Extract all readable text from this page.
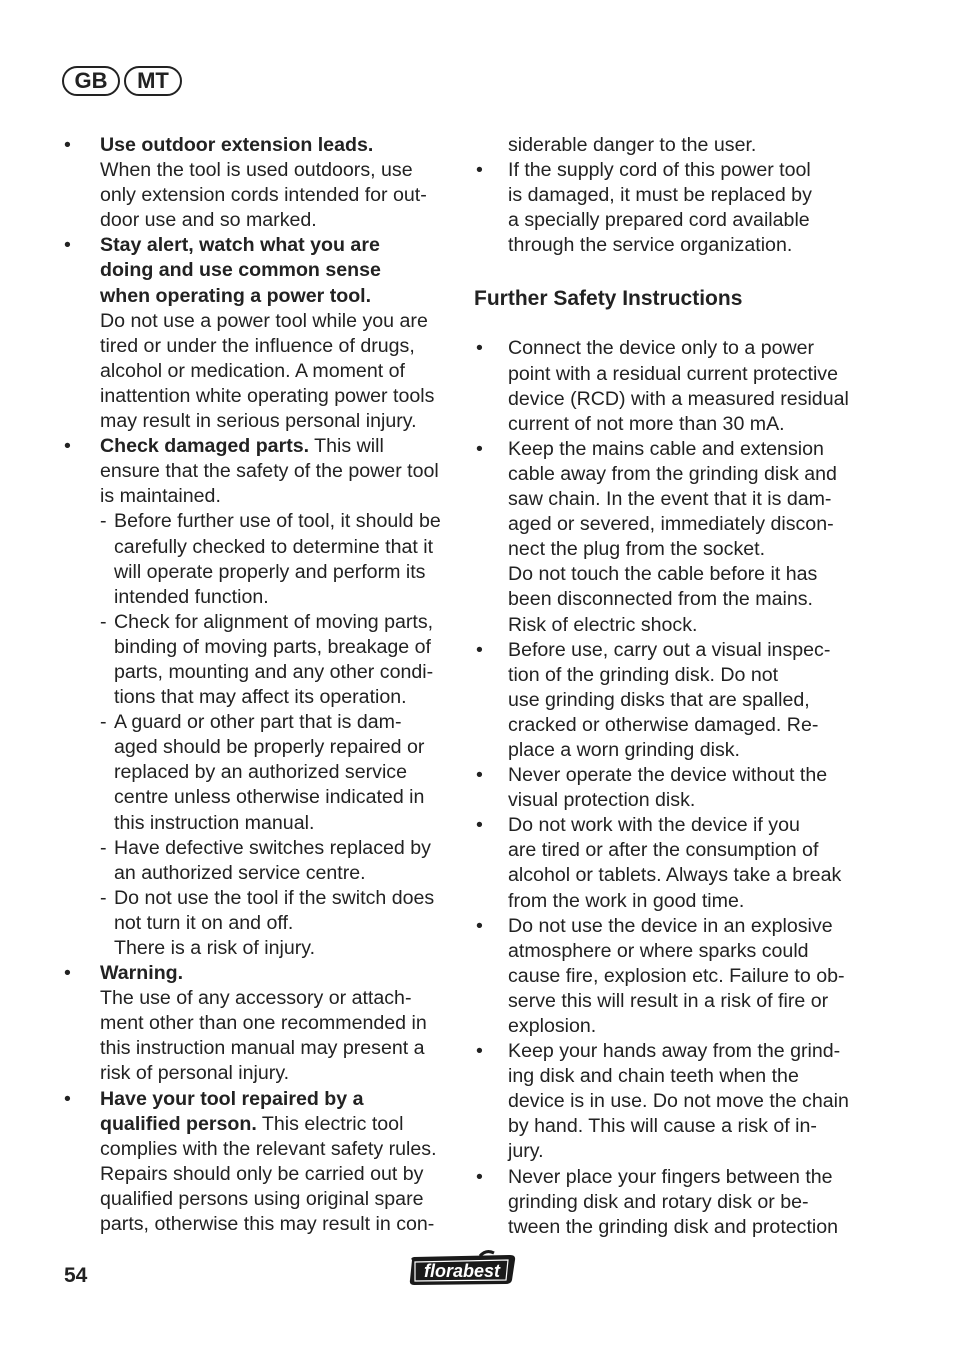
GB	MT
• Use outdoor extension leads.
When the tool is used outdoors, use
only extension cords intended for out-
door use and so marked.
• Stay alert, watch what you are
doing and use common sense
when operating a power tool.
Do not use a power tool while you are
tired or under the influence of drugs,
alcohol or medication. A moment of
inattention white operating power tools
may result in serious personal injury.
• Check damaged parts. This will
ensure that the safety of the power tool
is maintained.
- Before further use of tool, it should be
carefully checked to determine that it
will operate properly and perform its
intended function.
- Check for alignment of moving parts,
binding of moving parts, breakage of
parts, mounting and any other condi-
tions that may affect its operation.
- A guard or other part that is dam-
aged should be properly repaired or
replaced by an authorized service
centre unless otherwise indicated in
this instruction manual.
- Have defective switches replaced by
an authorized service centre.
- Do not use the tool if the switch does
not turn it on and off.
There is a risk of injury.
• Warning.
The use of any accessory or attach-
ment other than one recommended in
this instruction manual may present a
risk of personal injury.
• Have your tool repaired by a
qualified person. This electric tool
complies with the relevant safety rules.
Repairs should only be carried out by
qualified persons using original spare
parts, otherwise this may result in con-
siderable danger to the user.
• If the supply cord of this power tool
is damaged, it must be replaced by
a specially prepared cord available
through the service organization.
Further Safety Instructions
• Connect the device only to a power
point with a residual current protective
device (RCD) with a measured residual
current of not more than 30 mA.
• Keep the mains cable and extension
cable away from the grinding disk and
saw chain. In the event that it is dam-
aged or severed, immediately discon-
nect the plug from the socket.
Do not touch the cable before it has
been disconnected from the mains.
Risk of electric shock.
• Before use, carry out a visual inspec-
tion of the grinding disk. Do not
use grinding disks that are spalled,
cracked or otherwise damaged. Re-
place a worn grinding disk.
• Never operate the device without the
visual protection disk.
• Do not work with the device if you
are tired or after the consumption of
alcohol or tablets. Always take a break
from the work in good time.
• Do not use the device in an explosive
atmosphere or where sparks could
cause fire, explosion etc. Failure to ob-
serve this will result in a risk of fire or
explosion.
• Keep your hands away from the grind-
ing disk and chain teeth when the
device is in use. Do not move the chain
by hand. This will cause a risk of in-
jury.
• Never place your fingers between the
grinding disk and rotary disk or be-
tween the grinding disk and protection
54	florabest
